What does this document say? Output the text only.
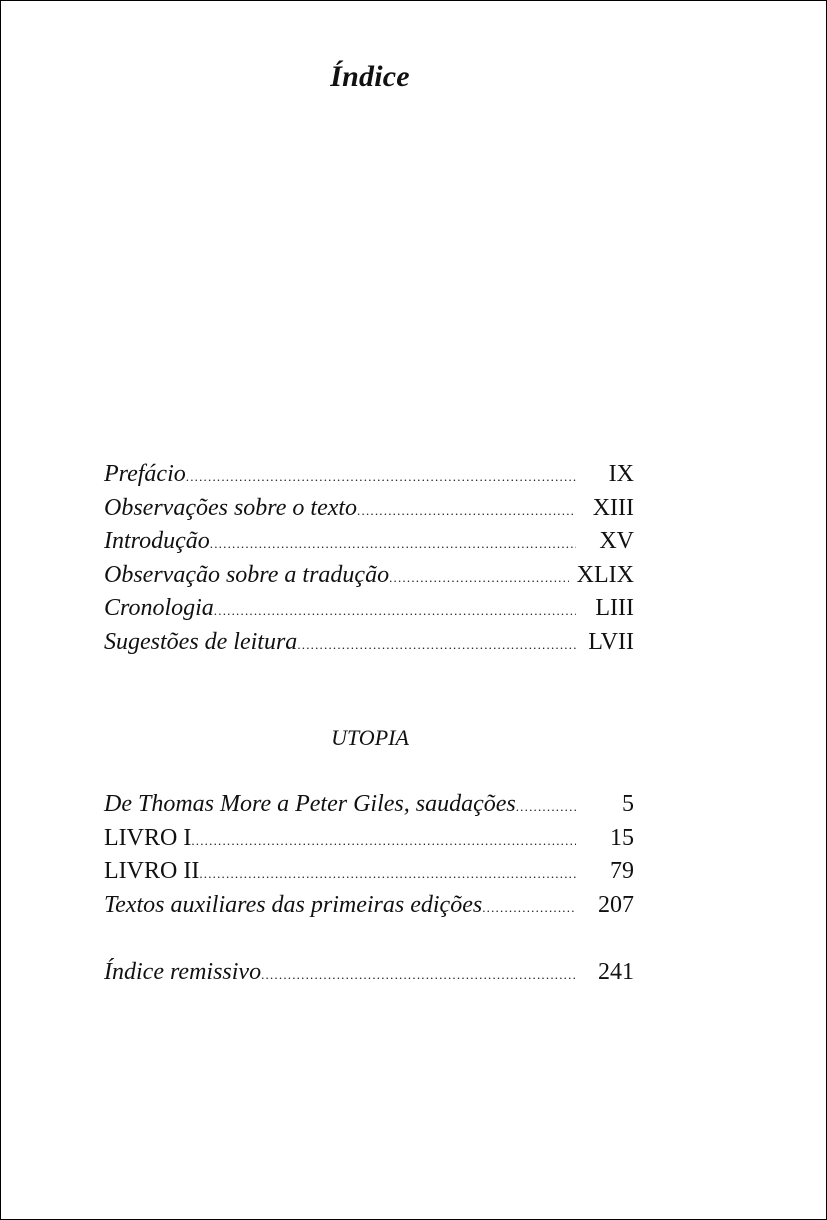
Índice
Prefácio .....	IX
Observações sobre o texto .....	XIII
Introdução .....	XV
Observação sobre a tradução .....	XLIX
Cronologia .....	LIII
Sugestões de leitura .....	LVII
UTOPIA
De Thomas More a Peter Giles, saudações .....	5
LIVRO I .....	15
LIVRO II .....	79
Textos auxiliares das primeiras edições .....	207
Índice remissivo .....	241
